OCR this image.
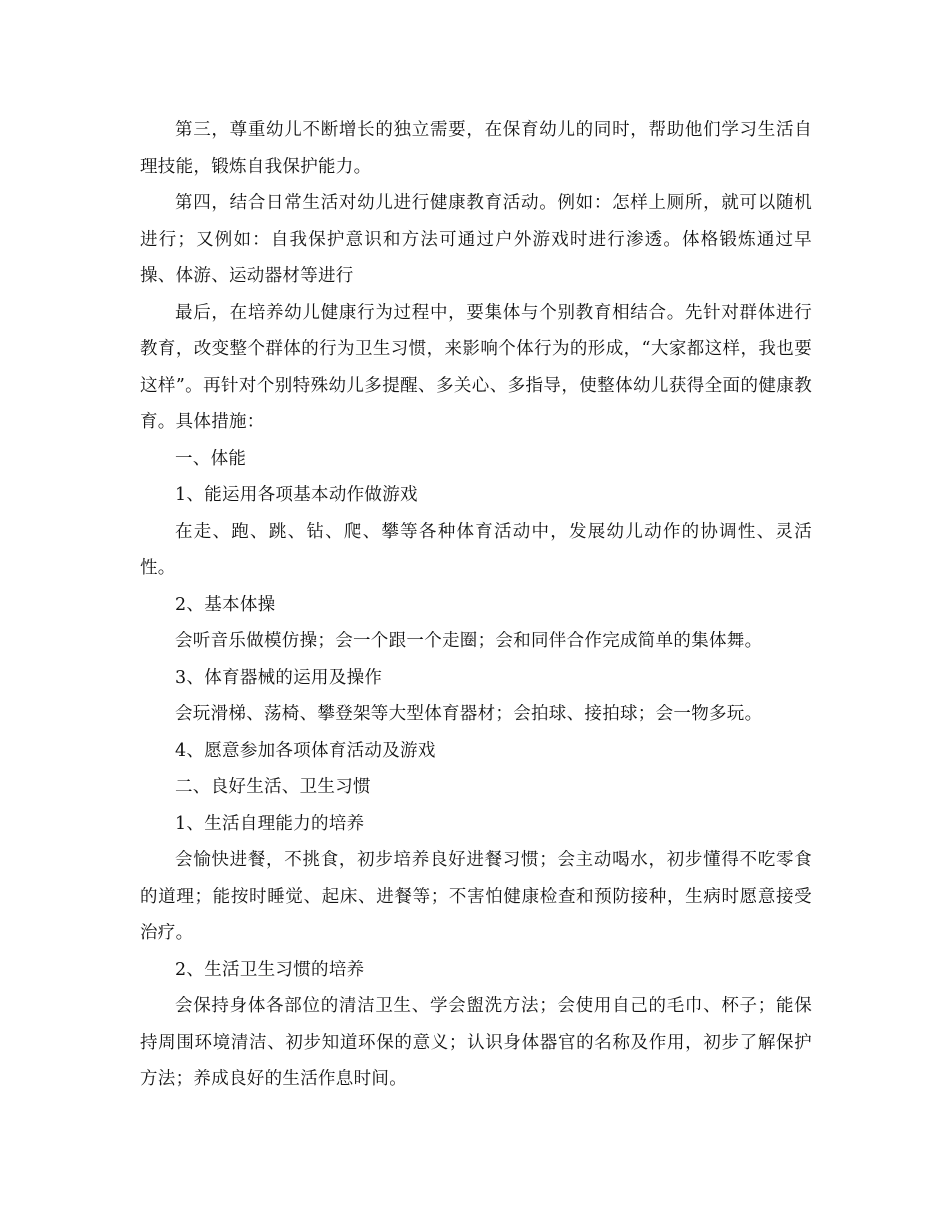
第三，尊重幼儿不断增长的独立需要，在保育幼儿的同时，帮助他们学习生活自理技能，锻炼自我保护能力。

第四，结合日常生活对幼儿进行健康教育活动。例如：怎样上厕所，就可以随机进行；又例如：自我保护意识和方法可通过户外游戏时进行渗透。体格锻炼通过早操、体游、运动器材等进行

最后，在培养幼儿健康行为过程中，要集体与个别教育相结合。先针对群体进行教育，改变整个群体的行为卫生习惯，来影响个体行为的形成，“大家都这样，我也要这样”。再针对个别特殊幼儿多提醒、多关心、多指导，使整体幼儿获得全面的健康教育。具体措施：

一、体能

1、能运用各项基本动作做游戏

在走、跑、跳、钻、爬、攀等各种体育活动中，发展幼儿动作的协调性、灵活性。

2、基本体操

会听音乐做模仿操；会一个跟一个走圈；会和同伴合作完成简单的集体舞。

3、体育器械的运用及操作

会玩滑梯、荡椅、攀登架等大型体育器材；会拍球、接拍球；会一物多玩。

4、愿意参加各项体育活动及游戏

二、良好生活、卫生习惯

1、生活自理能力的培养

会愉快进餐，不挑食，初步培养良好进餐习惯；会主动喝水，初步懂得不吃零食的道理；能按时睡觉、起床、进餐等；不害怕健康检查和预防接种，生病时愿意接受治疗。

2、生活卫生习惯的培养

会保持身体各部位的清洁卫生、学会盥洗方法；会使用自己的毛巾、杯子；能保持周围环境清洁、初步知道环保的意义；认识身体器官的名称及作用，初步了解保护方法；养成良好的生活作息时间。
